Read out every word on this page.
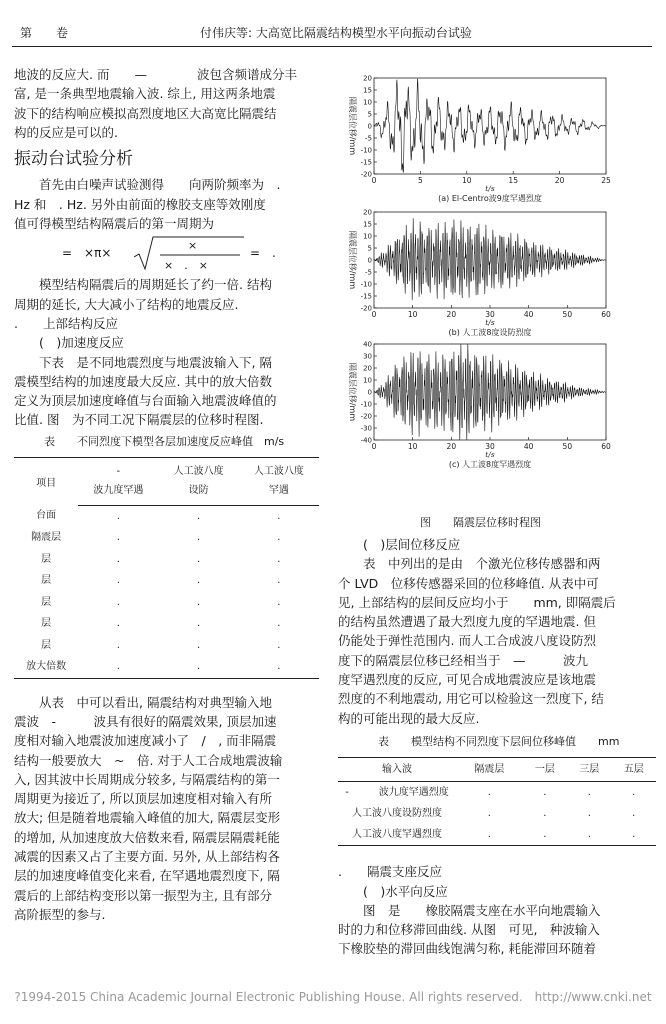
第　　卷	付伟庆等: 大高宽比隔震结构模型水平向振动台试验

地波的反应大. 而　　—　　　　波包含频谱成分丰

富, 是一条典型地震输入波. 综上, 用这两条地震

波下的结构响应模拟高烈度地区大高宽比隔震结

构的反应是可以的.

振动台试验分析

首先由白噪声试验测得　　向两阶频率为　.

Hz 和　. Hz. 另外由前面的橡胶支座等效刚度

值可得模型结构隔震后的第一周期为

=　×π×
×
×　.　×
=　.

模型结构隔震后的周期延长了约一倍. 结构

周期的延长, 大大减小了结构的地震反应.

.　　上部结构反应

(　)加速度反应

下表　是不同地震烈度与地震波输入下, 隔

震模型结构的加速度最大反应. 其中的放大倍数

定义为顶层加速度峰值与台面输入地震波峰值的

比值. 图　为不同工况下隔震层的位移时程图.

表　　不同烈度下模型各层加速度反应峰值　m/s

项目	-	人工波八度	人工波八度
	波九度罕遇	设防	罕遇
台面	.	.	.
隔震层	.	.	.
层	.	.	.
层	.	.	.
层	.	.	.
层	.	.	.
层	.	.	.
放大倍数	.	.	.

从表　中可以看出, 隔震结构对典型输入地

震波　-　　　波具有很好的隔震效果, 顶层加速

度相对输入地震波加速度减小了　/　, 而非隔震

结构一般要放大　~　倍. 对于人工合成地震波输

入, 因其波中长周期成分较多, 与隔震结构的第一

周期更为接近了, 所以顶层加速度相对输入有所

放大; 但是随着地震输入峰值的加大, 隔震层变形

的增加, 从加速度放大倍数来看, 隔震层隔震耗能

减震的因素又占了主要方面. 另外, 从上部结构各

层的加速度峰值变化来看, 在罕遇地震烈度下, 隔

震后的上部结构变形以第一振型为主, 且有部分

高阶振型的参与.

20
15
10
5
0
-5
-10
-15
-20
0	5	10	15	20	25
隔震层位移/mm
t/s
(a) El-Centro波9度罕遇烈度
20
15
10
5
0
-5
-10
-15
-20
0	10	20	30	40	50	60
隔震层位移/mm
t/s
(b) 人工波8度设防烈度
40
30
20
10
0
-10
-20
-30
-40
0	10	20	30	40	50	60
隔震层位移/mm
t/s
(c) 人工波8度罕遇烈度
图　　隔震层位移时程图

(　)层间位移反应

表　中列出的是由　个激光位移传感器和两

个 LVD　位移传感器采回的位移峰值. 从表中可

见, 上部结构的层间反应均小于　　mm, 即隔震后

的结构虽然遭遇了最大烈度九度的罕遇地震. 但

仍能处于弹性范围内. 而人工合成波八度设防烈

度下的隔震层位移已经相当于　—　　　波九

度罕遇烈度的反应, 可见合成地震波应是该地震

烈度的不利地震动, 用它可以检验这一烈度下, 结

构的可能出现的最大反应.

表　　模型结构不同烈度下层间位移峰值　　mm

输入波	隔震层	一层	三层	五层
-　　　波九度罕遇烈度	.	.	.	.
人工波八度设防烈度	.	.	.	.
人工波八度罕遇烈度	.	.	.	.

.　　隔震支座反应

(　)水平向反应

图　是　　橡胶隔震支座在水平向地震输入

时的力和位移滞回曲线. 从图　可见,　种波输入

下橡胶垫的滞回曲线饱满匀称, 耗能滞回环随着

?1994-2015 China Academic Journal Electronic Publishing House. All rights reserved.　http://www.cnki.net
